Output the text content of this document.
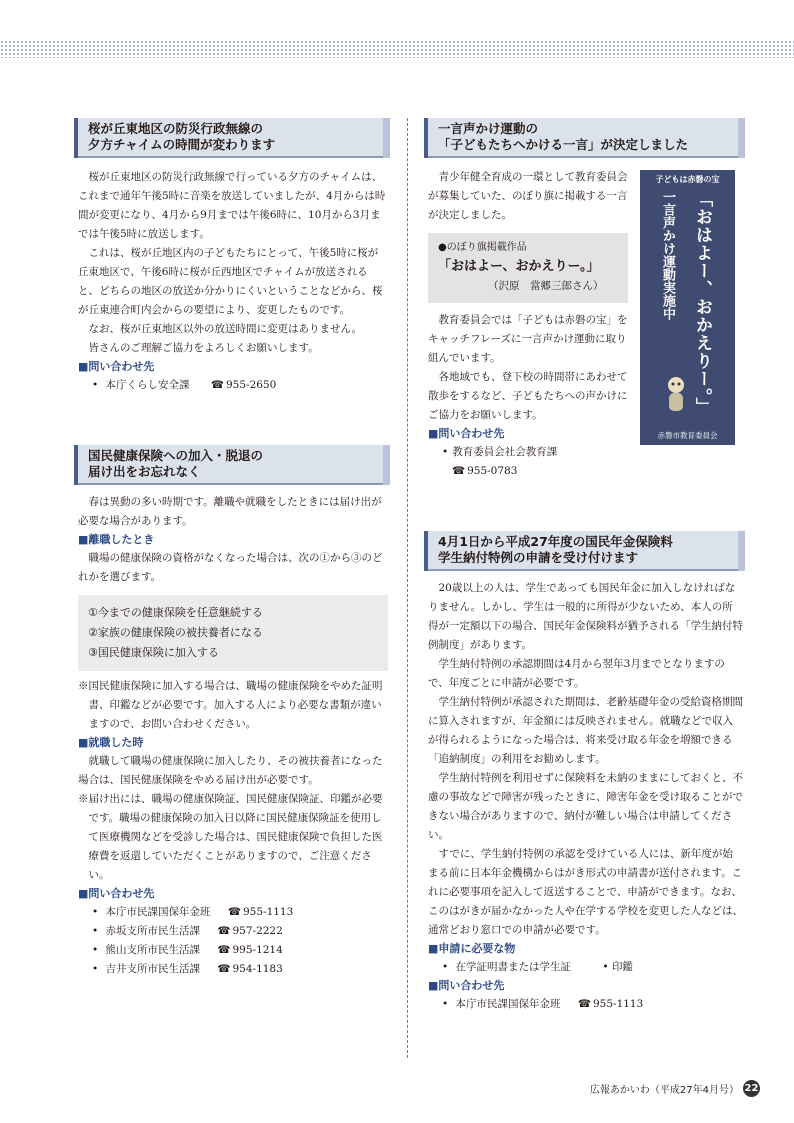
桜が丘東地区の防災行政無線の
夕方チャイムの時間が変わります

桜が丘東地区の防災行政無線で行っている夕方のチャイムは、これまで通年午後5時に音楽を放送していましたが、4月からは時間が変更になり、4月から9月までは午後6時に、10月から3月までは午後5時に放送します。

これは、桜が丘地区内の子どもたちにとって、午後5時に桜が丘東地区で、午後6時に桜が丘西地区でチャイムが放送されると、どちらの地区の放送か分かりにくいということなどから、桜が丘東連合町内会からの要望により、変更したものです。

なお、桜が丘東地区以外の放送時間に変更はありません。

皆さんのご理解ご協力をよろしくお願いします。

■ 問い合わせ先

• 本庁くらし安全課	☎ 955-2650

国民健康保険への加入・脱退の
届け出をお忘れなく

春は異動の多い時期です。離職や就職をしたときには届け出が必要な場合があります。

■ 離職したとき

職場の健康保険の資格がなくなった場合は、次の①から③のどれかを選びます。

①今までの健康保険を任意継続する
②家族の健康保険の被扶養者になる
③国民健康保険に加入する

※国民健康保険に加入する場合は、職場の健康保険をやめた証明書、印鑑などが必要です。加入する人により必要な書類が違いますので、お問い合わせください。

■ 就職した時

就職して職場の健康保険に加入したり、その被扶養者になった場合は、国民健康保険をやめる届け出が必要です。

※届け出には、職場の健康保険証、国民健康保険証、印鑑が必要です。職場の健康保険の加入日以降に国民健康保険証を使用して医療機関などを受診した場合は、国民健康保険で負担した医療費を返還していただくことがありますので、ご注意ください。

■ 問い合わせ先

• 本庁市民課国保年金班	☎ 955-1113

• 赤坂支所市民生活課	☎ 957-2222

• 熊山支所市民生活課	☎ 995-1214

• 吉井支所市民生活課	☎ 954-1183

一言声かけ運動の
「子どもたちへかける一言」が決定しました

青少年健全育成の一環として教育委員会が募集していた、のぼり旗に掲載する一言が決定しました。

●のぼり旗掲載作品
「おはよー、おかえりー。」
（沢原　當郷三郎さん）

教育委員会では「子どもは赤磐の宝」をキャッチフレーズに一言声かけ運動に取り組んでいます。

各地域でも、登下校の時間帯にあわせて散歩をするなど、子どもたちへの声かけにご協力をお願いします。

■ 問い合わせ先

• 教育委員会社会教育課

☎ 955-0783

4月1日から平成27年度の国民年金保険料
学生納付特例の申請を受け付けます

20歳以上の人は、学生であっても国民年金に加入しなければなりません。しかし、学生は一般的に所得が少ないため、本人の所得が一定額以下の場合、国民年金保険料が猶予される「学生納付特例制度」があります。

学生納付特例の承認期間は4月から翌年3月までとなりますので、年度ごとに申請が必要です。

学生納付特例が承認された期間は、老齢基礎年金の受給資格期間に算入されますが、年金額には反映されません。就職などで収入が得られるようになった場合は、将来受け取る年金を増額できる「追納制度」の利用をお勧めします。

学生納付特例を利用せずに保険料を未納のままにしておくと、不慮の事故などで障害が残ったときに、障害年金を受け取ることができない場合がありますので、納付が難しい場合は申請してください。

すでに、学生納付特例の承認を受けている人には、新年度が始まる前に日本年金機構からはがき形式の申請書が送付されます。これに必要事項を記入して返送することで、申請ができます。なお、このはがきが届かなかった人や在学する学校を変更した人などは、通常どおり窓口での申請が必要です。

■ 申請に必要な物

• 在学証明書または学生証	• 印鑑

■ 問い合わせ先

• 本庁市民課国保年金班	☎ 955-1113

子どもは赤磐の宝
「おはよー、おかえりー。」
一言声かけ運動実施中
赤磐市教育委員会
広報あかいわ（平成27年4月号） 22
